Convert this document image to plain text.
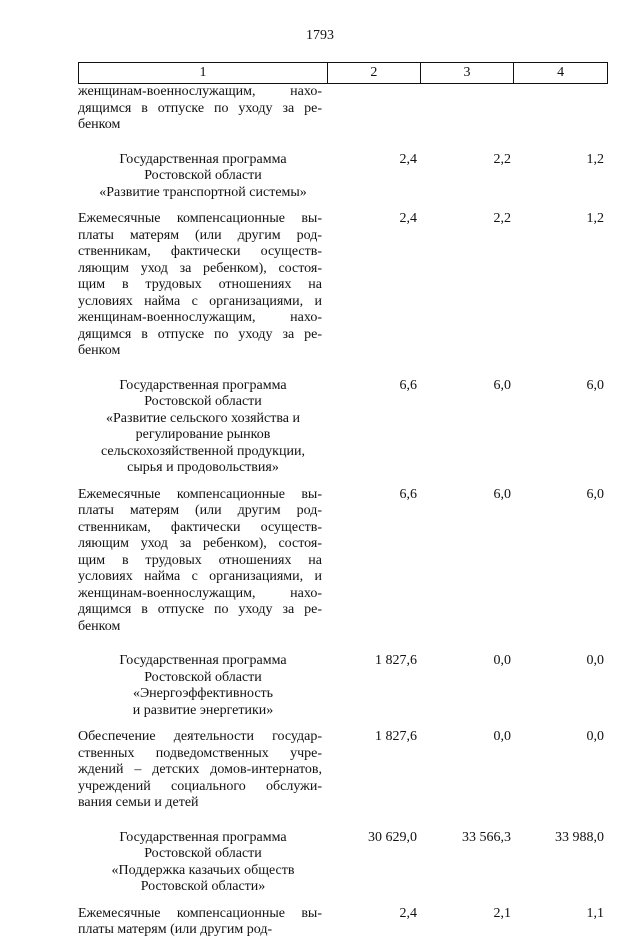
1793
1	2	3	4
женщинам-военнослужащим, нахо-
дящимся в отпуске по уходу за ре-
бенком
Государственная программа
Ростовской области
«Развитие транспортной системы»
2,4	2,2	1,2
Ежемесячные компенсационные вы-
платы матерям (или другим род-
ственникам, фактически осуществ-
ляющим уход за ребенком), состоя-
щим в трудовых отношениях на
условиях найма с организациями, и
женщинам-военнослужащим, нахо-
дящимся в отпуске по уходу за ре-
бенком
2,4	2,2	1,2
Государственная программа
Ростовской области
«Развитие сельского хозяйства и
регулирование рынков
сельскохозяйственной продукции,
сырья и продовольствия»
6,6	6,0	6,0
Ежемесячные компенсационные вы-
платы матерям (или другим род-
ственникам, фактически осуществ-
ляющим уход за ребенком), состоя-
щим в трудовых отношениях на
условиях найма с организациями, и
женщинам-военнослужащим, нахо-
дящимся в отпуске по уходу за ре-
бенком
6,6	6,0	6,0
Государственная программа
Ростовской области
«Энергоэффективность
и развитие энергетики»
1 827,6	0,0	0,0
Обеспечение деятельности государ-
ственных подведомственных учре-
ждений – детских домов-интернатов,
учреждений социального обслужи-
вания семьи и детей
1 827,6	0,0	0,0
Государственная программа
Ростовской области
«Поддержка казачьих обществ
Ростовской области»
30 629,0	33 566,3	33 988,0
Ежемесячные компенсационные вы-
платы матерям (или другим род-
2,4	2,1	1,1
